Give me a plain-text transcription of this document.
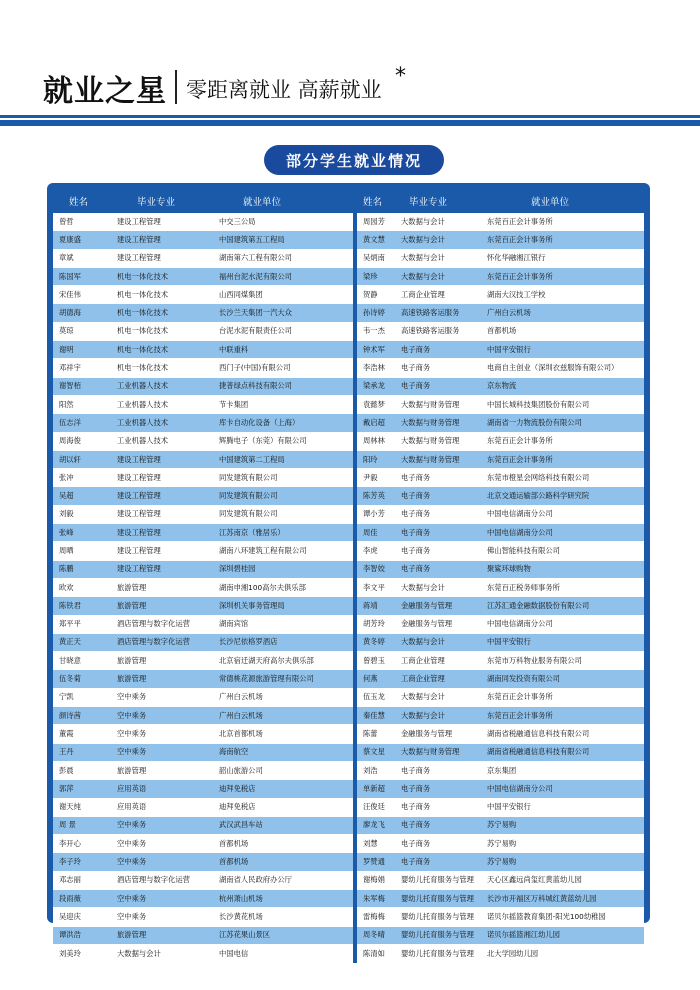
就业之星 零距离就业 高薪就业
*
部分学生就业情况
姓名	毕业专业	就业单位		姓名	毕业专业	就业单位
曾哲	建设工程管理	中交三公局		周园芳	大数据与会计	东莞百正会计事务所
夏康盛	建设工程管理	中国建筑第五工程局		黄文慧	大数据与会计	东莞百正会计事务所
章斌	建设工程管理	湖南第六工程有限公司		吴炳南	大数据与会计	怀化华融湘江银行
陈国军	机电一体化技术	福州台泥水泥有限公司		梁珍	大数据与会计	东莞百正会计事务所
宋佳伟	机电一体化技术	山西同煤集团		贺静	工商企业管理	湖南大汉技工学校
胡德海	机电一体化技术	长沙兰天集团一汽大众		孙诗婷	高速铁路客运服务	广州白云机场
莫琼	机电一体化技术	台泥水泥有限责任公司		韦一杰	高速铁路客运服务	首都机场
谢明	机电一体化技术	中联重科		钟术军	电子商务	中国平安银行
邓祥宇	机电一体化技术	西门子(中国)有限公司		李浩林	电子商务	电商自主创业（深圳衣兹服饰有限公司）
谢智栢	工业机器人技术	捷普绿点科技有限公司		梁承龙	电子商务	京东物流
阳然	工业机器人技术	节卡集团		袁懿梦	大数据与财务管理	中国长城科技集团股份有限公司
伍志洋	工业机器人技术	库卡自动化设备（上海）		戴启超	大数据与财务管理	湖南省一力物流股份有限公司
周海俊	工业机器人技术	辉腾电子（东莞）有限公司		周林林	大数据与财务管理	东莞百正会计事务所
胡以轩	建设工程管理	中国建筑第二工程局		阳玲	大数据与财务管理	东莞百正会计事务所
张冲	建设工程管理	同发建筑有限公司		尹毅	电子商务	东莞市橙星会网络科技有限公司
吴超	建设工程管理	同发建筑有限公司		陈芳英	电子商务	北京交通运输部公路科学研究院
刘毅	建设工程管理	同发建筑有限公司		谭小芳	电子商务	中国电信湖南分公司
张峰	建设工程管理	江苏南京（雅居乐）		周佳	电子商务	中国电信湖南分公司
周晒	建设工程管理	湖南八环建筑工程有限公司		李虎	电子商务	佛山智能科技有限公司
陈鹏	建设工程管理	深圳碧桂园		李智姣	电子商务	聚鲨环球购物
欧欢	旅游管理	湖南申湘100高尔夫俱乐部		李文平	大数据与会计	东莞百正税务师事务所
陈铁君	旅游管理	深圳机关事务管理局		蒋靖	金融服务与管理	江苏汇通金融数据股份有限公司
郑平平	酒店管理与数字化运营	湖南宾馆		胡芳玲	金融服务与管理	中国电信湖南分公司
黄正天	酒店管理与数字化运营	长沙尼依格罗酒店		黄冬婷	大数据与会计	中国平安银行
甘晓意	旅游管理	北京宿迁湖天府高尔夫俱乐部		曾碧玉	工商企业管理	东莞市万科物业服务有限公司
伍冬菊	旅游管理	常德桃花源旅游管理有限公司		何燕	工商企业管理	湖南同发投资有限公司
宁凯	空中乘务	广州白云机场		伍玉龙	大数据与会计	东莞百正会计事务所
颜诗茜	空中乘务	广州白云机场		秦佳慧	大数据与会计	东莞百正会计事务所
董霞	空中乘务	北京首都机场		陈蕾	金融服务与管理	湖南省税融通信息科技有限公司
王丹	空中乘务	海南航空		蔡文星	大数据与财务管理	湖南省税融通信息科技有限公司
彭晨	旅游管理	韶山旅游公司		刘浩	电子商务	京东集团
郭萍	应用英语	迪拜免税店		单新超	电子商务	中国电信湖南分公司
谢天纯	应用英语	迪拜免税店		汪俊廷	电子商务	中国平安银行
周 景	空中乘务	武汉武昌车站		廖龙飞	电子商务	苏宁易购
李开心	空中乘务	首都机场		刘慧	电子商务	苏宁易购
李子玲	空中乘务	首都机场		罗赞通	电子商务	苏宁易购
邓志丽	酒店管理与数字化运营	湖南省人民政府办公厅		谢梅娟	婴幼儿托育服务与管理	天心区鑫远尚玺红黄蓝幼儿园
段雨薇	空中乘务	杭州萧山机场		朱军梅	婴幼儿托育服务与管理	长沙市开福区万科城红黄蓝幼儿园
吴迎庆	空中乘务	长沙黄花机场		雷梅梅	婴幼儿托育服务与管理	诺贝尔摇篮教育集团-阳光100幼稚园
谭洪浩	旅游管理	江苏花果山景区		周冬晴	婴幼儿托育服务与管理	诺贝尔摇篮湘江幼儿园
刘美玲	大数据与会计	中国电信		陈清如	婴幼儿托育服务与管理	北大学园幼儿园
